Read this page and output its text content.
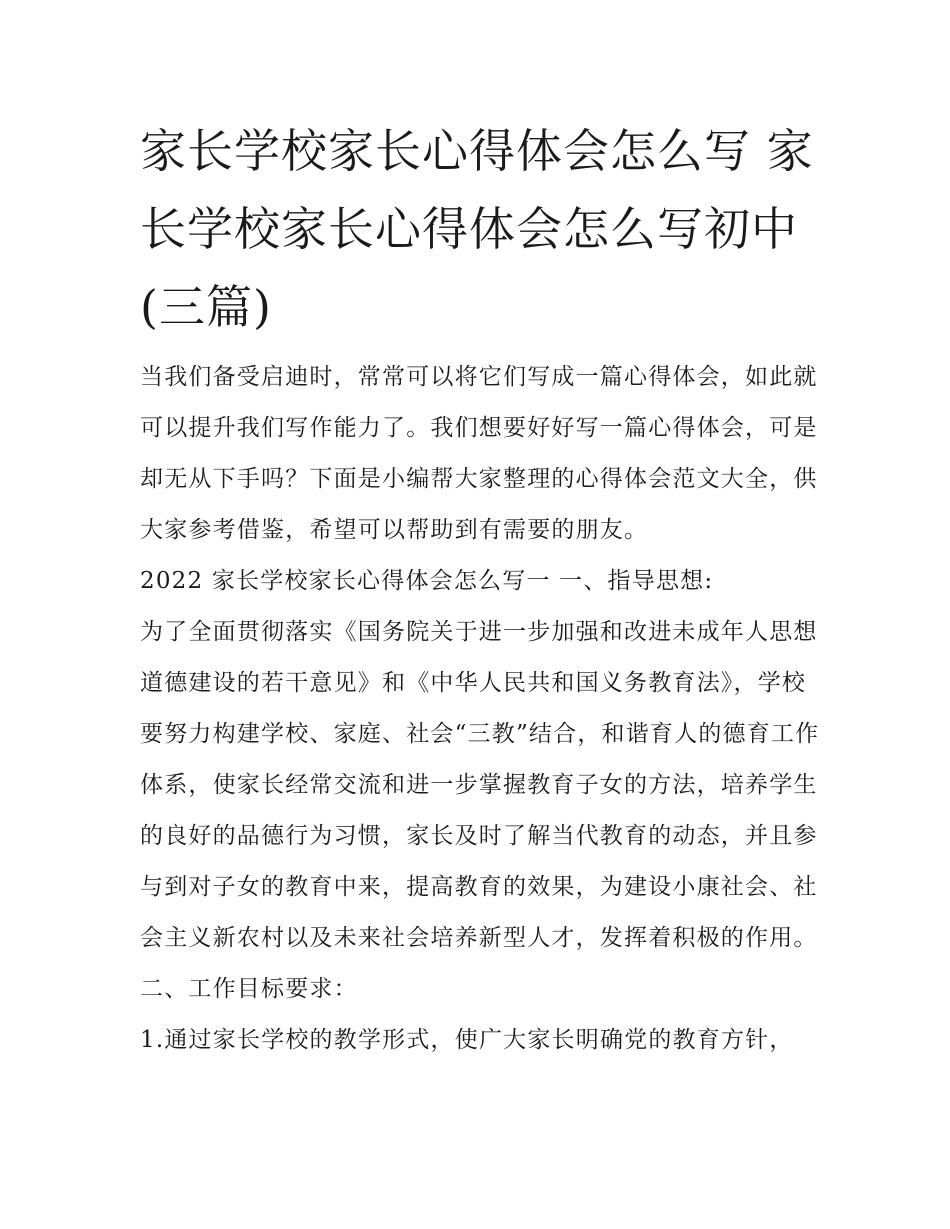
家长学校家长心得体会怎么写 家长学校家长心得体会怎么写初中(三篇)

当我们备受启迪时，常常可以将它们写成一篇心得体会，如此就可以提升我们写作能力了。我们想要好好写一篇心得体会，可是却无从下手吗？下面是小编帮大家整理的心得体会范文大全，供大家参考借鉴，希望可以帮助到有需要的朋友。

2022 家长学校家长心得体会怎么写一 一、指导思想:

为了全面贯彻落实《国务院关于进一步加强和改进未成年人思想道德建设的若干意见》和《中华人民共和国义务教育法》，学校要努力构建学校、家庭、社会“三教”结合，和谐育人的德育工作体系，使家长经常交流和进一步掌握教育子女的方法，培养学生的良好的品德行为习惯，家长及时了解当代教育的动态，并且参与到对子女的教育中来，提高教育的效果，为建设小康社会、社会主义新农村以及未来社会培养新型人才，发挥着积极的作用。

二、工作目标要求：

1.通过家长学校的教学形式，使广大家长明确党的教育方针，
